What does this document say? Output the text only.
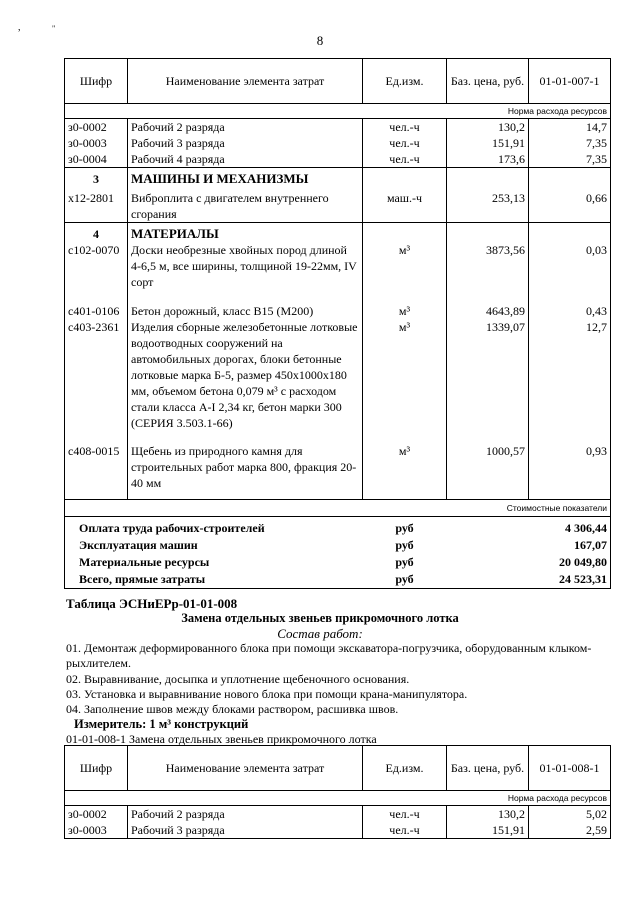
,	"
8
Шифр	Наименование элемента затрат	Ед.изм.	Баз. цена, руб.	01-01-007-1
Норма расхода ресурсов				
з0-0002	Рабочий 2 разряда	чел.-ч	130,2	14,7
з0-0003	Рабочий 3 разряда	чел.-ч	151,91	7,35
з0-0004	Рабочий 4 разряда	чел.-ч	173,6	7,35
3	МАШИНЫ И МЕХАНИЗМЫ			
х12-2801	Виброплита с двигателем внутреннего сгорания	маш.-ч	253,13	0,66
4	МАТЕРИАЛЫ			
с102-0070	Доски необрезные хвойных пород длиной 4-6,5 м, все ширины, толщиной 19-22мм, IV сорт	м³	3873,56	0,03
с401-0106	Бетон дорожный, класс В15 (М200)	м³	4643,89	0,43
с403-2361	Изделия сборные железобетонные лотковые водоотводных сооружений на автомобильных дорогах, блоки бетонные лотковые марка Б-5, размер 450х1000х180 мм, объемом бетона 0,079 м³ с расходом стали класса А-I 2,34 кг, бетон марки 300 (СЕРИЯ 3.503.1-66)	м³	1339,07	12,7
с408-0015	Щебень из природного камня для строительных работ марка 800, фракция 20-40 мм	м³	1000,57	0,93
Стоимостные показатели				
Оплата труда рабочих-строителей		руб		4 306,44
Эксплуатация машин		руб		167,07
Материальные ресурсы		руб		20 049,80
Всего, прямые затраты		руб		24 523,31
Таблица ЭСНиЕРр-01-01-008
Замена отдельных звеньев прикромочного лотка
Состав работ:
01. Демонтаж деформированного блока при помощи экскаватора-погрузчика, оборудованным клыком-рыхлителем.
02. Выравнивание, досыпка и уплотнение щебеночного основания.
03. Установка и выравнивание нового блока при помощи крана-манипулятора.
04. Заполнение швов между блоками раствором, расшивка швов.
Измеритель: 1 м³ конструкций
01-01-008-1 Замена отдельных звеньев прикромочного лотка
Шифр	Наименование элемента затрат	Ед.изм.	Баз. цена, руб.	01-01-008-1
Норма расхода ресурсов				
з0-0002	Рабочий 2 разряда	чел.-ч	130,2	5,02
з0-0003	Рабочий 3 разряда	чел.-ч	151,91	2,59
